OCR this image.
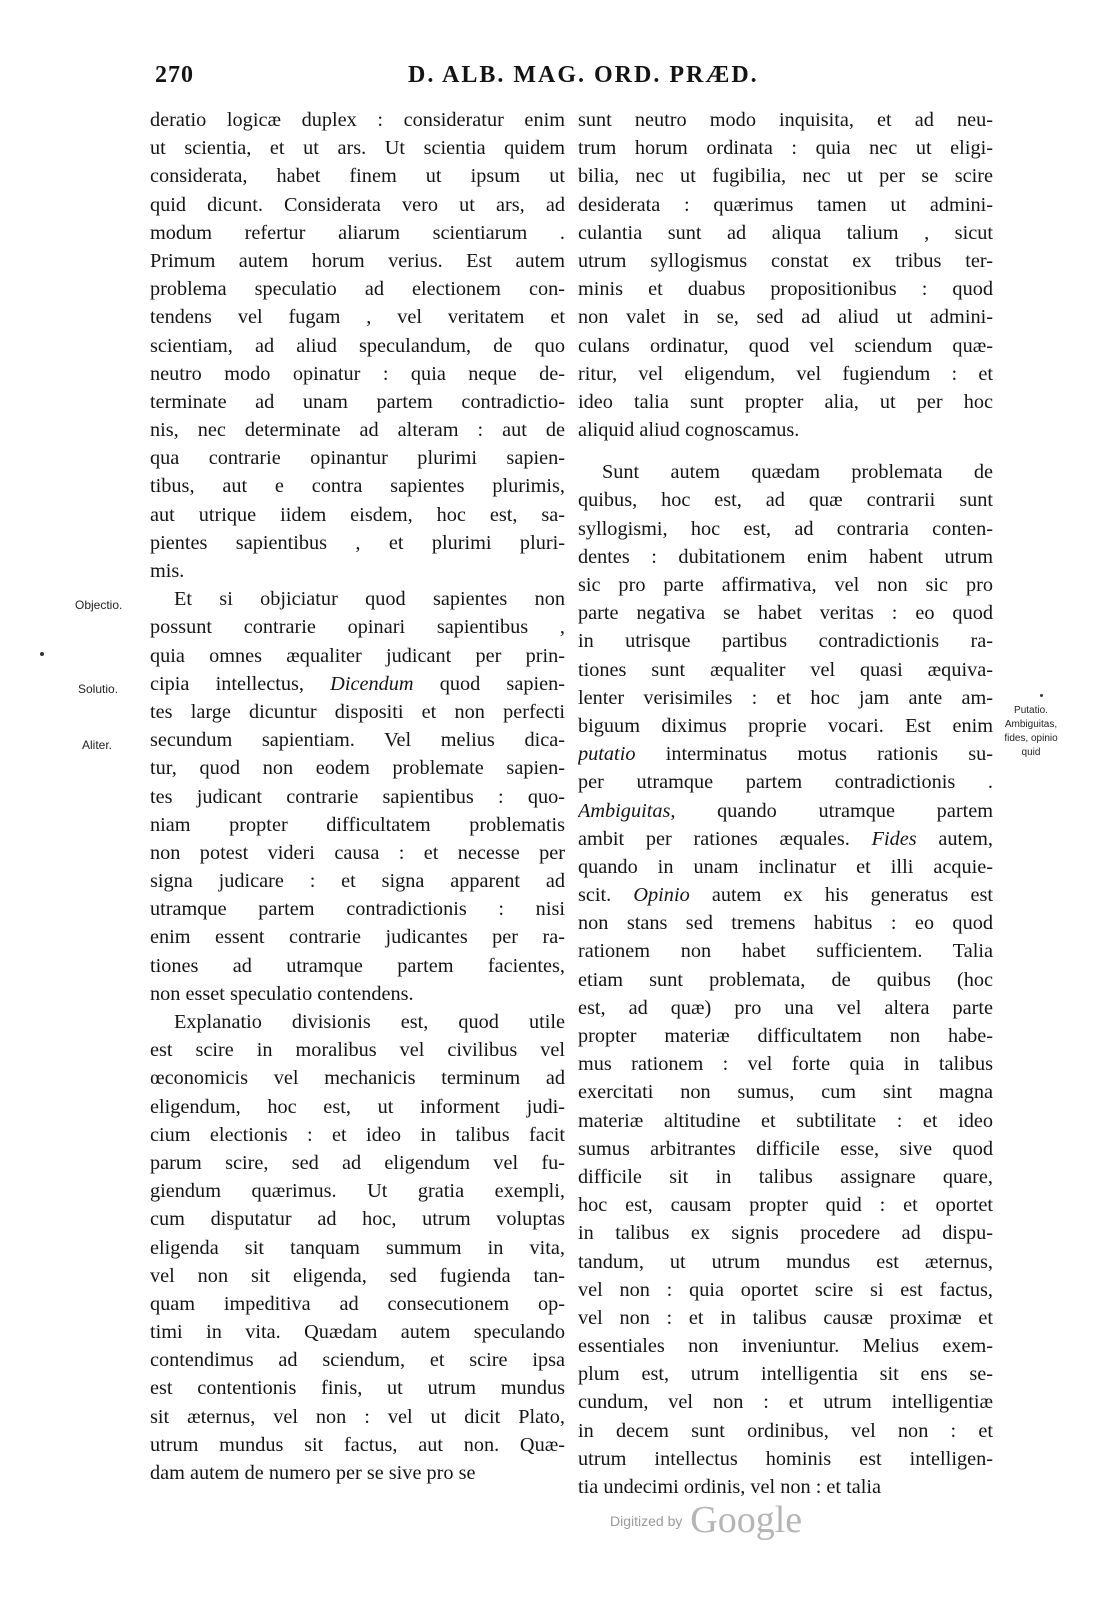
270	D. ALB. MAG. ORD. PRÆD.
Objectio.
Solutio.
Aliter.
Putatio. Ambiguitas, fides, opinio quid
deratio logicæ duplex : consideratur enim
ut scientia, et ut ars. Ut scientia quidem
considerata, habet finem ut ipsum ut
quid dicunt. Considerata vero ut ars, ad
modum refertur aliarum scientiarum .
Primum autem horum verius. Est autem
problema speculatio ad electionem con-
tendens vel fugam , vel veritatem et
scientiam, ad aliud speculandum, de quo
neutro modo opinatur : quia neque de-
terminate ad unam partem contradictio-
nis, nec determinate ad alteram : aut de
qua contrarie opinantur plurimi sapien-
tibus, aut e contra sapientes plurimis,
aut utrique iidem eisdem, hoc est, sa-
pientes sapientibus , et plurimi pluri-
mis.
Et si objiciatur quod sapientes non
possunt contrarie opinari sapientibus ,
quia omnes æqualiter judicant per prin-
cipia intellectus, Dicendum quod sapien-
tes large dicuntur dispositi et non perfecti
secundum sapientiam. Vel melius dica-
tur, quod non eodem problemate sapien-
tes judicant contrarie sapientibus : quo-
niam propter difficultatem problematis
non potest videri causa : et necesse per
signa judicare : et signa apparent ad
utramque partem contradictionis : nisi
enim essent contrarie judicantes per ra-
tiones ad utramque partem facientes,
non esset speculatio contendens.
Explanatio divisionis est, quod utile
est scire in moralibus vel civilibus vel
œconomicis vel mechanicis terminum ad
eligendum, hoc est, ut informent judi-
cium electionis : et ideo in talibus facit
parum scire, sed ad eligendum vel fu-
giendum quærimus. Ut gratia exempli,
cum disputatur ad hoc, utrum voluptas
eligenda sit tanquam summum in vita,
vel non sit eligenda, sed fugienda tan-
quam impeditiva ad consecutionem op-
timi in vita. Quædam autem speculando
contendimus ad sciendum, et scire ipsa
est contentionis finis, ut utrum mundus
sit æternus, vel non : vel ut dicit Plato,
utrum mundus sit factus, aut non. Quæ-
dam autem de numero per se sive pro se
sunt neutro modo inquisita, et ad neu-
trum horum ordinata : quia nec ut eligi-
bilia, nec ut fugibilia, nec ut per se scire
desiderata : quærimus tamen ut admini-
culantia sunt ad aliqua talium , sicut
utrum syllogismus constat ex tribus ter-
minis et duabus propositionibus : quod
non valet in se, sed ad aliud ut admini-
culans ordinatur, quod vel sciendum quæ-
ritur, vel eligendum, vel fugiendum : et
ideo talia sunt propter alia, ut per hoc
aliquid aliud cognoscamus.
Sunt autem quædam problemata de
quibus, hoc est, ad quæ contrarii sunt
syllogismi, hoc est, ad contraria conten-
dentes : dubitationem enim habent utrum
sic pro parte affirmativa, vel non sic pro
parte negativa se habet veritas : eo quod
in utrisque partibus contradictionis ra-
tiones sunt æqualiter vel quasi æquiva-
lenter verisimiles : et hoc jam ante am-
biguum diximus proprie vocari. Est enim
putatio interminatus motus rationis su-
per utramque partem contradictionis .
Ambiguitas, quando utramque partem
ambit per rationes æquales. Fides autem,
quando in unam inclinatur et illi acquie-
scit. Opinio autem ex his generatus est
non stans sed tremens habitus : eo quod
rationem non habet sufficientem. Talia
etiam sunt problemata, de quibus (hoc
est, ad quæ) pro una vel altera parte
propter materiæ difficultatem non habe-
mus rationem : vel forte quia in talibus
exercitati non sumus, cum sint magna
materiæ altitudine et subtilitate : et ideo
sumus arbitrantes difficile esse, sive quod
difficile sit in talibus assignare quare,
hoc est, causam propter quid : et oportet
in talibus ex signis procedere ad dispu-
tandum, ut utrum mundus est æternus,
vel non : quia oportet scire si est factus,
vel non : et in talibus causæ proximæ et
essentiales non inveniuntur. Melius exem-
plum est, utrum intelligentia sit ens se-
cundum, vel non : et utrum intelligentiæ
in decem sunt ordinibus, vel non : et
utrum intellectus hominis est intelligen-
tia undecimi ordinis, vel non : et talia
Digitized by Google
